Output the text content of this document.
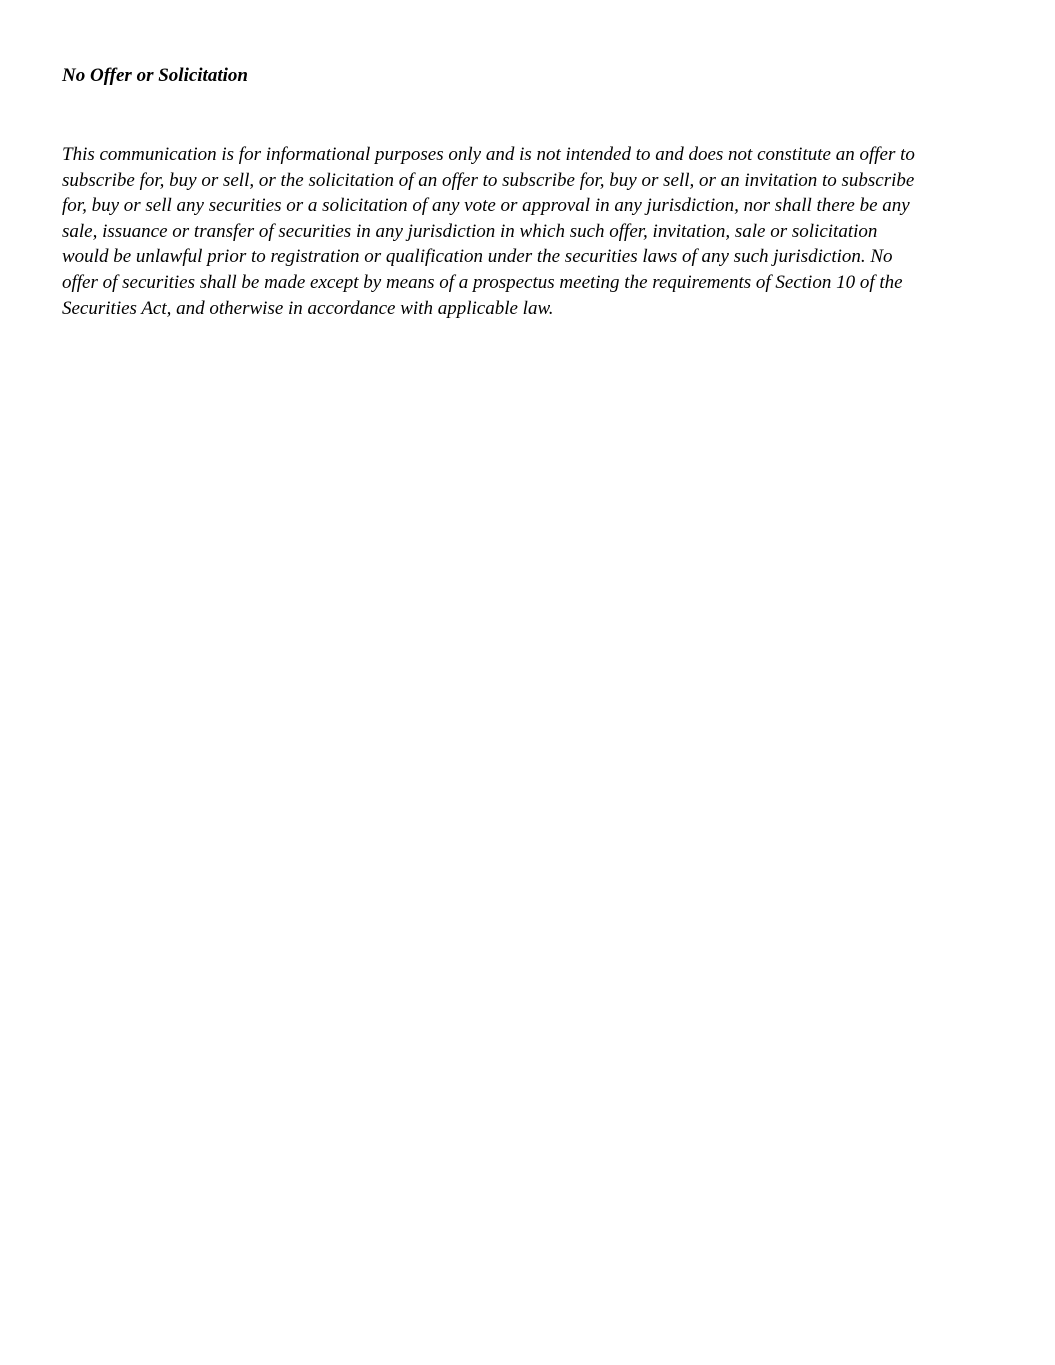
No Offer or Solicitation

This communication is for informational purposes only and is not intended to and does not constitute an offer to
subscribe for, buy or sell, or the solicitation of an offer to subscribe for, buy or sell, or an invitation to subscribe
for, buy or sell any securities or a solicitation of any vote or approval in any jurisdiction, nor shall there be any
sale, issuance or transfer of securities in any jurisdiction in which such offer, invitation, sale or solicitation
would be unlawful prior to registration or qualification under the securities laws of any such jurisdiction. No
offer of securities shall be made except by means of a prospectus meeting the requirements of Section 10 of the
Securities Act, and otherwise in accordance with applicable law.
